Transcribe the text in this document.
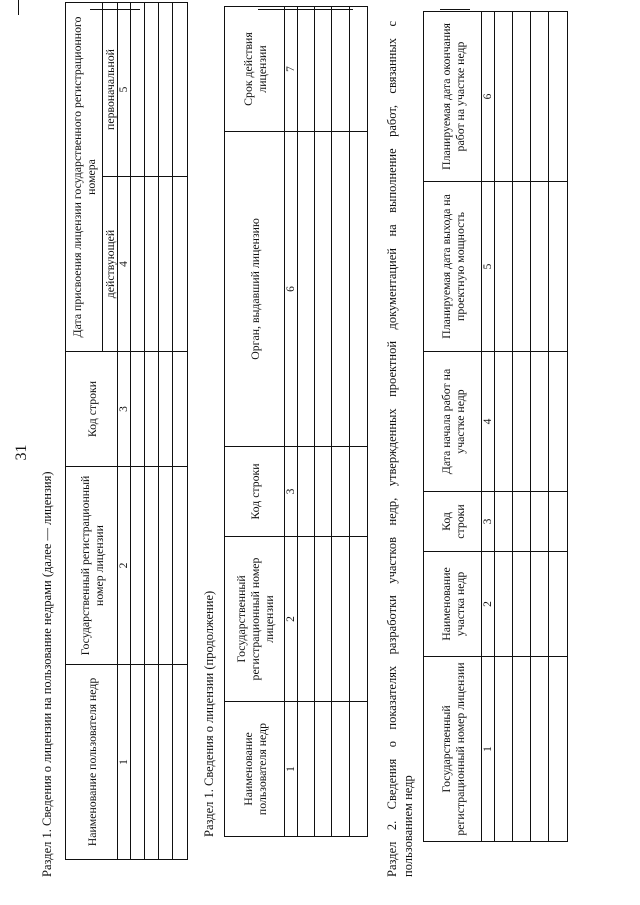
31
Раздел 1. Сведения о лицензии на пользование недрами (далее — лицензия)	Наименование пользователя недр	Государственный регистрационный номер лицензии	Код строки	Дата присвоения лицензии государственного регистрационного номера	
			действующей	первоначальной
1	2	3	4	5

Раздел 1. Сведения о лицензии (продолжение) Наименование пользователя недр	Государственный регистрационный номер лицензии	Код строки	Орган, выдавший лицензию	Срок действия лицензии
1	2	3	6	7

					Раздел 2. Сведения о показателях разработки участков недр, утвержденных проектной документацией на выполнение работ, связанных с пользованием недр
Государственный регистрационный номер лицензии	Наименование участка недр	Код строки	Дата начала работ на участке недр	Планируемая дата выхода на проектную мощность	Планируемая дата окончания работ на участке недр
1	2	3	4	5	6
